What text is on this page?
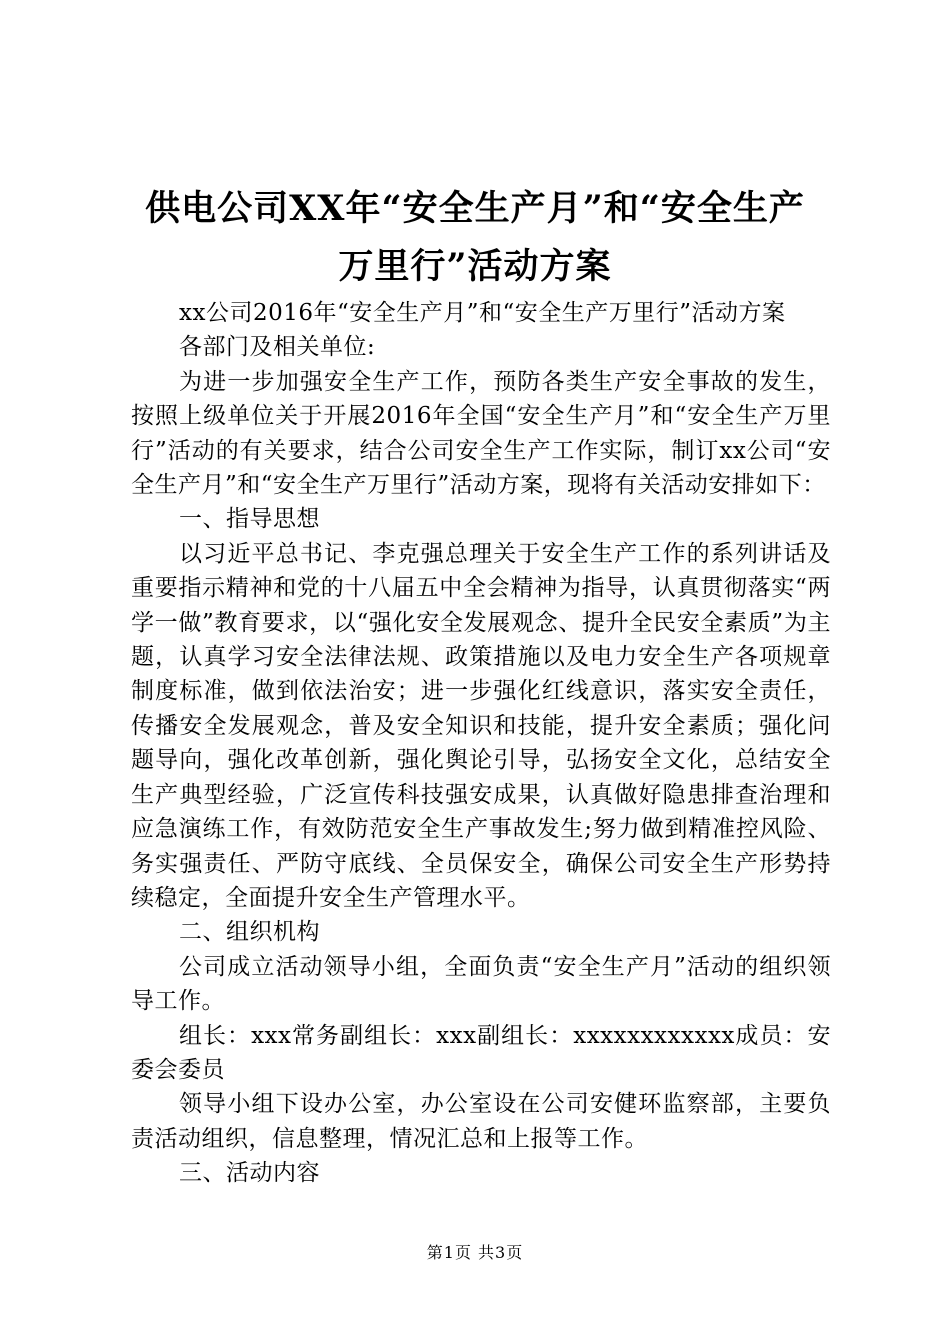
供电公司XX年“安全生产月”和“安全生产
万里行”活动方案

xx公司2016年“安全生产月”和“安全生产万里行”活动方案

各部门及相关单位:

为进一步加强安全生产工作，预防各类生产安全事故的发生，按照上级单位关于开展2016年全国“安全生产月”和“安全生产万里行”活动的有关要求，结合公司安全生产工作实际，制订xx公司“安全生产月”和“安全生产万里行”活动方案，现将有关活动安排如下：

一、指导思想

以习近平总书记、李克强总理关于安全生产工作的系列讲话及重要指示精神和党的十八届五中全会精神为指导，认真贯彻落实“两学一做”教育要求，以“强化安全发展观念、提升全民安全素质”为主题，认真学习安全法律法规、政策措施以及电力安全生产各项规章制度标准，做到依法治安；进一步强化红线意识，落实安全责任，传播安全发展观念，普及安全知识和技能，提升安全素质；强化问题导向，强化改革创新，强化舆论引导，弘扬安全文化，总结安全生产典型经验，广泛宣传科技强安成果，认真做好隐患排查治理和应急演练工作，有效防范安全生产事故发生;努力做到精准控风险、务实强责任、严防守底线、全员保安全，确保公司安全生产形势持续稳定，全面提升安全生产管理水平。

二、组织机构

公司成立活动领导小组，全面负责“安全生产月”活动的组织领导工作。

组长：xxx常务副组长：xxx副组长：xxxxxxxxxxxx成员：安委会委员

领导小组下设办公室，办公室设在公司安健环监察部，主要负责活动组织，信息整理，情况汇总和上报等工作。

三、活动内容

第1页 共3页
